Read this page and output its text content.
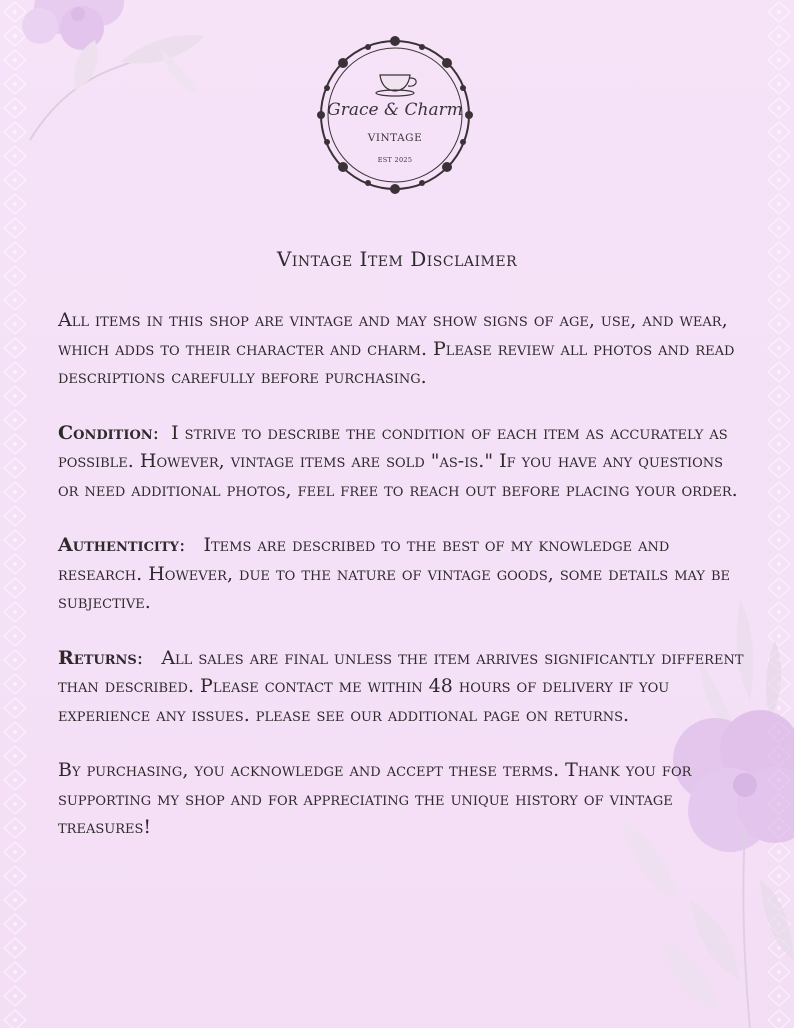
Grace & Charm
VINTAGE
EST 2025
Vintage Item Disclaimer

All items in this shop are vintage and may show signs of age, use, and wear, which adds to their character and charm. Please review all photos and read descriptions carefully before purchasing.

Condition:  I strive to describe the condition of each item as accurately as possible. However, vintage items are sold "as-is." If you have any questions or need additional photos, feel free to reach out before placing your order.

Authenticity:   Items are described to the best of my knowledge and research. However, due to the nature of vintage goods, some details may be subjective.

Returns:   All sales are final unless the item arrives significantly different than described. Please contact me within 48 hours of delivery if you experience any issues. please see our additional page on returns.

By purchasing, you acknowledge and accept these terms. Thank you for supporting my shop and for appreciating the unique history of vintage treasures!
